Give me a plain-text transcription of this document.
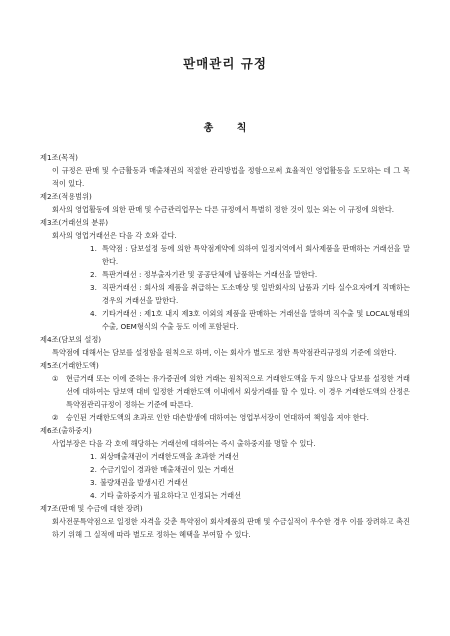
판매관리 규정
총 칙

제1조(목적)

이 규정은 판매 및 수금활동과 매출채권의 적절한 관리방법을 정함으로써 효율적인 영업활동을 도모하는 데 그 목적이 있다.

제2조(적용범위)

회사의 영업활동에 의한 판매 및 수금관리업무는 다른 규정에서 특별히 정한 것이 있는 외는 이 규정에 의한다.

제3조(거래선의 분류)

회사의 영업거래선은 다음 각 호와 같다.

1. 특약점 : 담보설정 등에 의한 특약점계약에 의하여 일정지역에서 회사제품을 판매하는 거래선을 말한다.
2. 특판거래선 : 정부출자기관 및 공공단체에 납품하는 거래선을 말한다.
3. 직판거래선 : 회사의 제품을 취급하는 도소매상 및 일반회사의 납품과 기타 실수요자에게 직매하는 경우의 거래선을 말한다.
4. 기타거래선 : 제1호 내지 제3호 이외의 제품을 판매하는 거래선을 말하며 직수출 및 LOCAL형태의 수출, OEM형식의 수출 등도 이에 포함된다.

제4조(담보의 설정)

특약점에 대해서는 담보를 설정함을 원칙으로 하며, 이는 회사가 별도로 정한 특약점관리규정의 기준에 의한다.

제5조(거래한도액)

① 현금거래 또는 이에 준하는 유가증권에 의한 거래는 원칙적으로 거래한도액을 두지 않으나 담보를 설정한 거래선에 대하여는 담보액 대비 일정한 거래한도액 이내에서 외상거래를 할 수 있다. 이 경우 거래한도액의 산정은 특약점관리규정이 정하는 기준에 따른다.
② 승인된 거래한도액의 초과로 인한 대손발생에 대하여는 영업부서장이 연대하여 책임을 져야 한다.

제6조(출하중지)

사업부장은 다음 각 호에 해당하는 거래선에 대하여는 즉시 출하중지를 명할 수 있다.

1. 외상매출채권이 거래한도액을 초과한 거래선
2. 수금기일이 경과한 매출채권이 있는 거래선
3. 불량채권을 발생시킨 거래선
4. 기타 출하중지가 필요하다고 인정되는 거래선

제7조(판매 및 수금에 대한 장려)

회사전문특약점으로 일정한 자격을 갖춘 특약점이 회사제품의 판매 및 수금실적이 우수한 경우 이를 장려하고 촉진하기 위해 그 실적에 따라 별도로 정하는 혜택을 부여할 수 있다.
